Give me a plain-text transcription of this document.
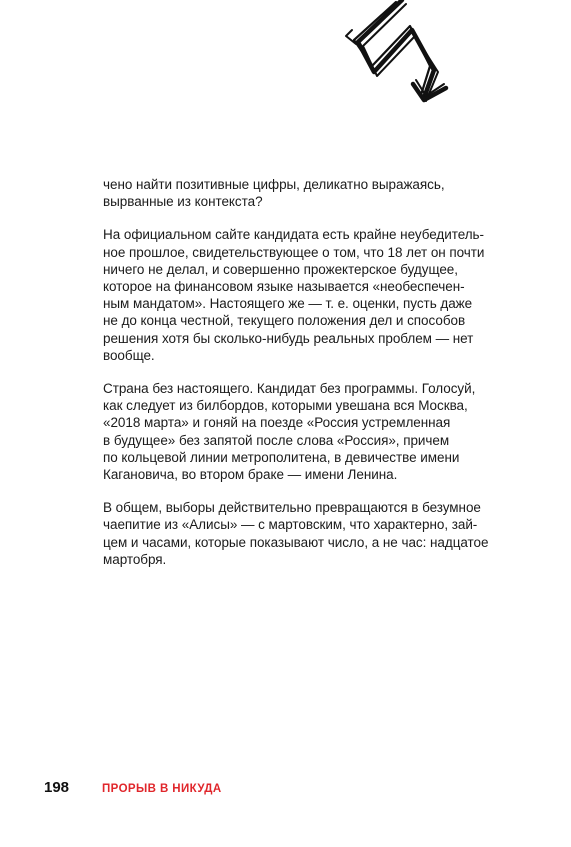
чено найти позитивные цифры, деликатно выражаясь,
вырванные из контекста?

На официальном сайте кандидата есть крайне неубедитель-
ное прошлое, свидетельствующее о том, что 18 лет он почти
ничего не делал, и совершенно прожектерское будущее,
которое на финансовом языке называется «необеспечен-
ным мандатом». Настоящего же — т. е. оценки, пусть даже
не до конца честной, текущего положения дел и способов
решения хотя бы сколько-нибудь реальных проблем — нет
вообще.

Страна без настоящего. Кандидат без программы. Голосуй,
как следует из билбордов, которыми увешана вся Москва,
«2018 марта» и гоняй на поезде «Россия устремленная
в будущее» без запятой после слова «Россия», причем
по кольцевой линии метрополитена, в девичестве имени
Кагановича, во втором браке — имени Ленина.

В общем, выборы действительно превращаются в безумное
чаепитие из «Алисы» — с мартовским, что характерно, зай-
цем и часами, которые показывают число, а не час: надцатое
мартобря.

198	ПРОРЫВ В НИКУДА
